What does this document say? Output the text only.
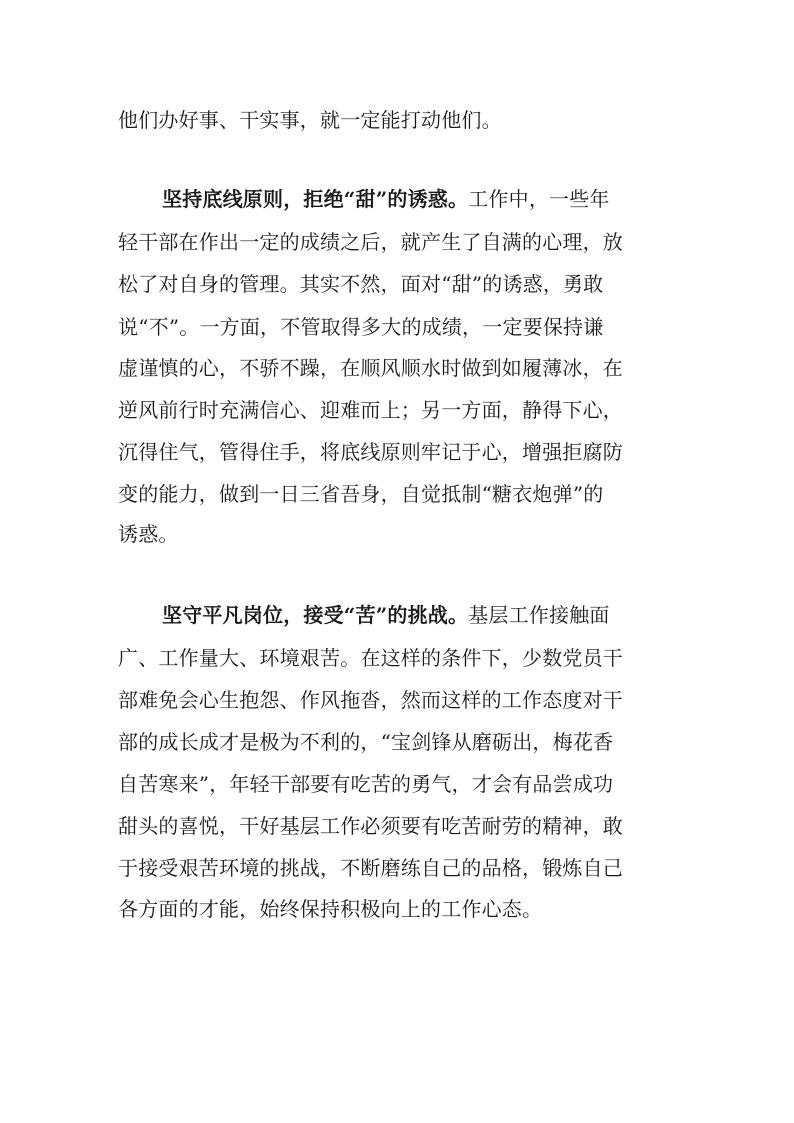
他们办好事、干实事，就一定能打动他们。
坚持底线原则，拒绝“甜”的诱惑。工作中，一些年
轻干部在作出一定的成绩之后，就产生了自满的心理，放
松了对自身的管理。其实不然，面对“甜”的诱惑，勇敢
说“不”。一方面，不管取得多大的成绩，一定要保持谦
虚谨慎的心，不骄不躁，在顺风顺水时做到如履薄冰，在
逆风前行时充满信心、迎难而上；另一方面，静得下心，
沉得住气，管得住手，将底线原则牢记于心，增强拒腐防
变的能力，做到一日三省吾身，自觉抵制“糖衣炮弹”的
诱惑。
坚守平凡岗位，接受“苦”的挑战。基层工作接触面
广、工作量大、环境艰苦。在这样的条件下，少数党员干
部难免会心生抱怨、作风拖沓，然而这样的工作态度对干
部的成长成才是极为不利的，“宝剑锋从磨砺出，梅花香
自苦寒来”，年轻干部要有吃苦的勇气，才会有品尝成功
甜头的喜悦，干好基层工作必须要有吃苦耐劳的精神，敢
于接受艰苦环境的挑战，不断磨练自己的品格，锻炼自己
各方面的才能，始终保持积极向上的工作心态。
